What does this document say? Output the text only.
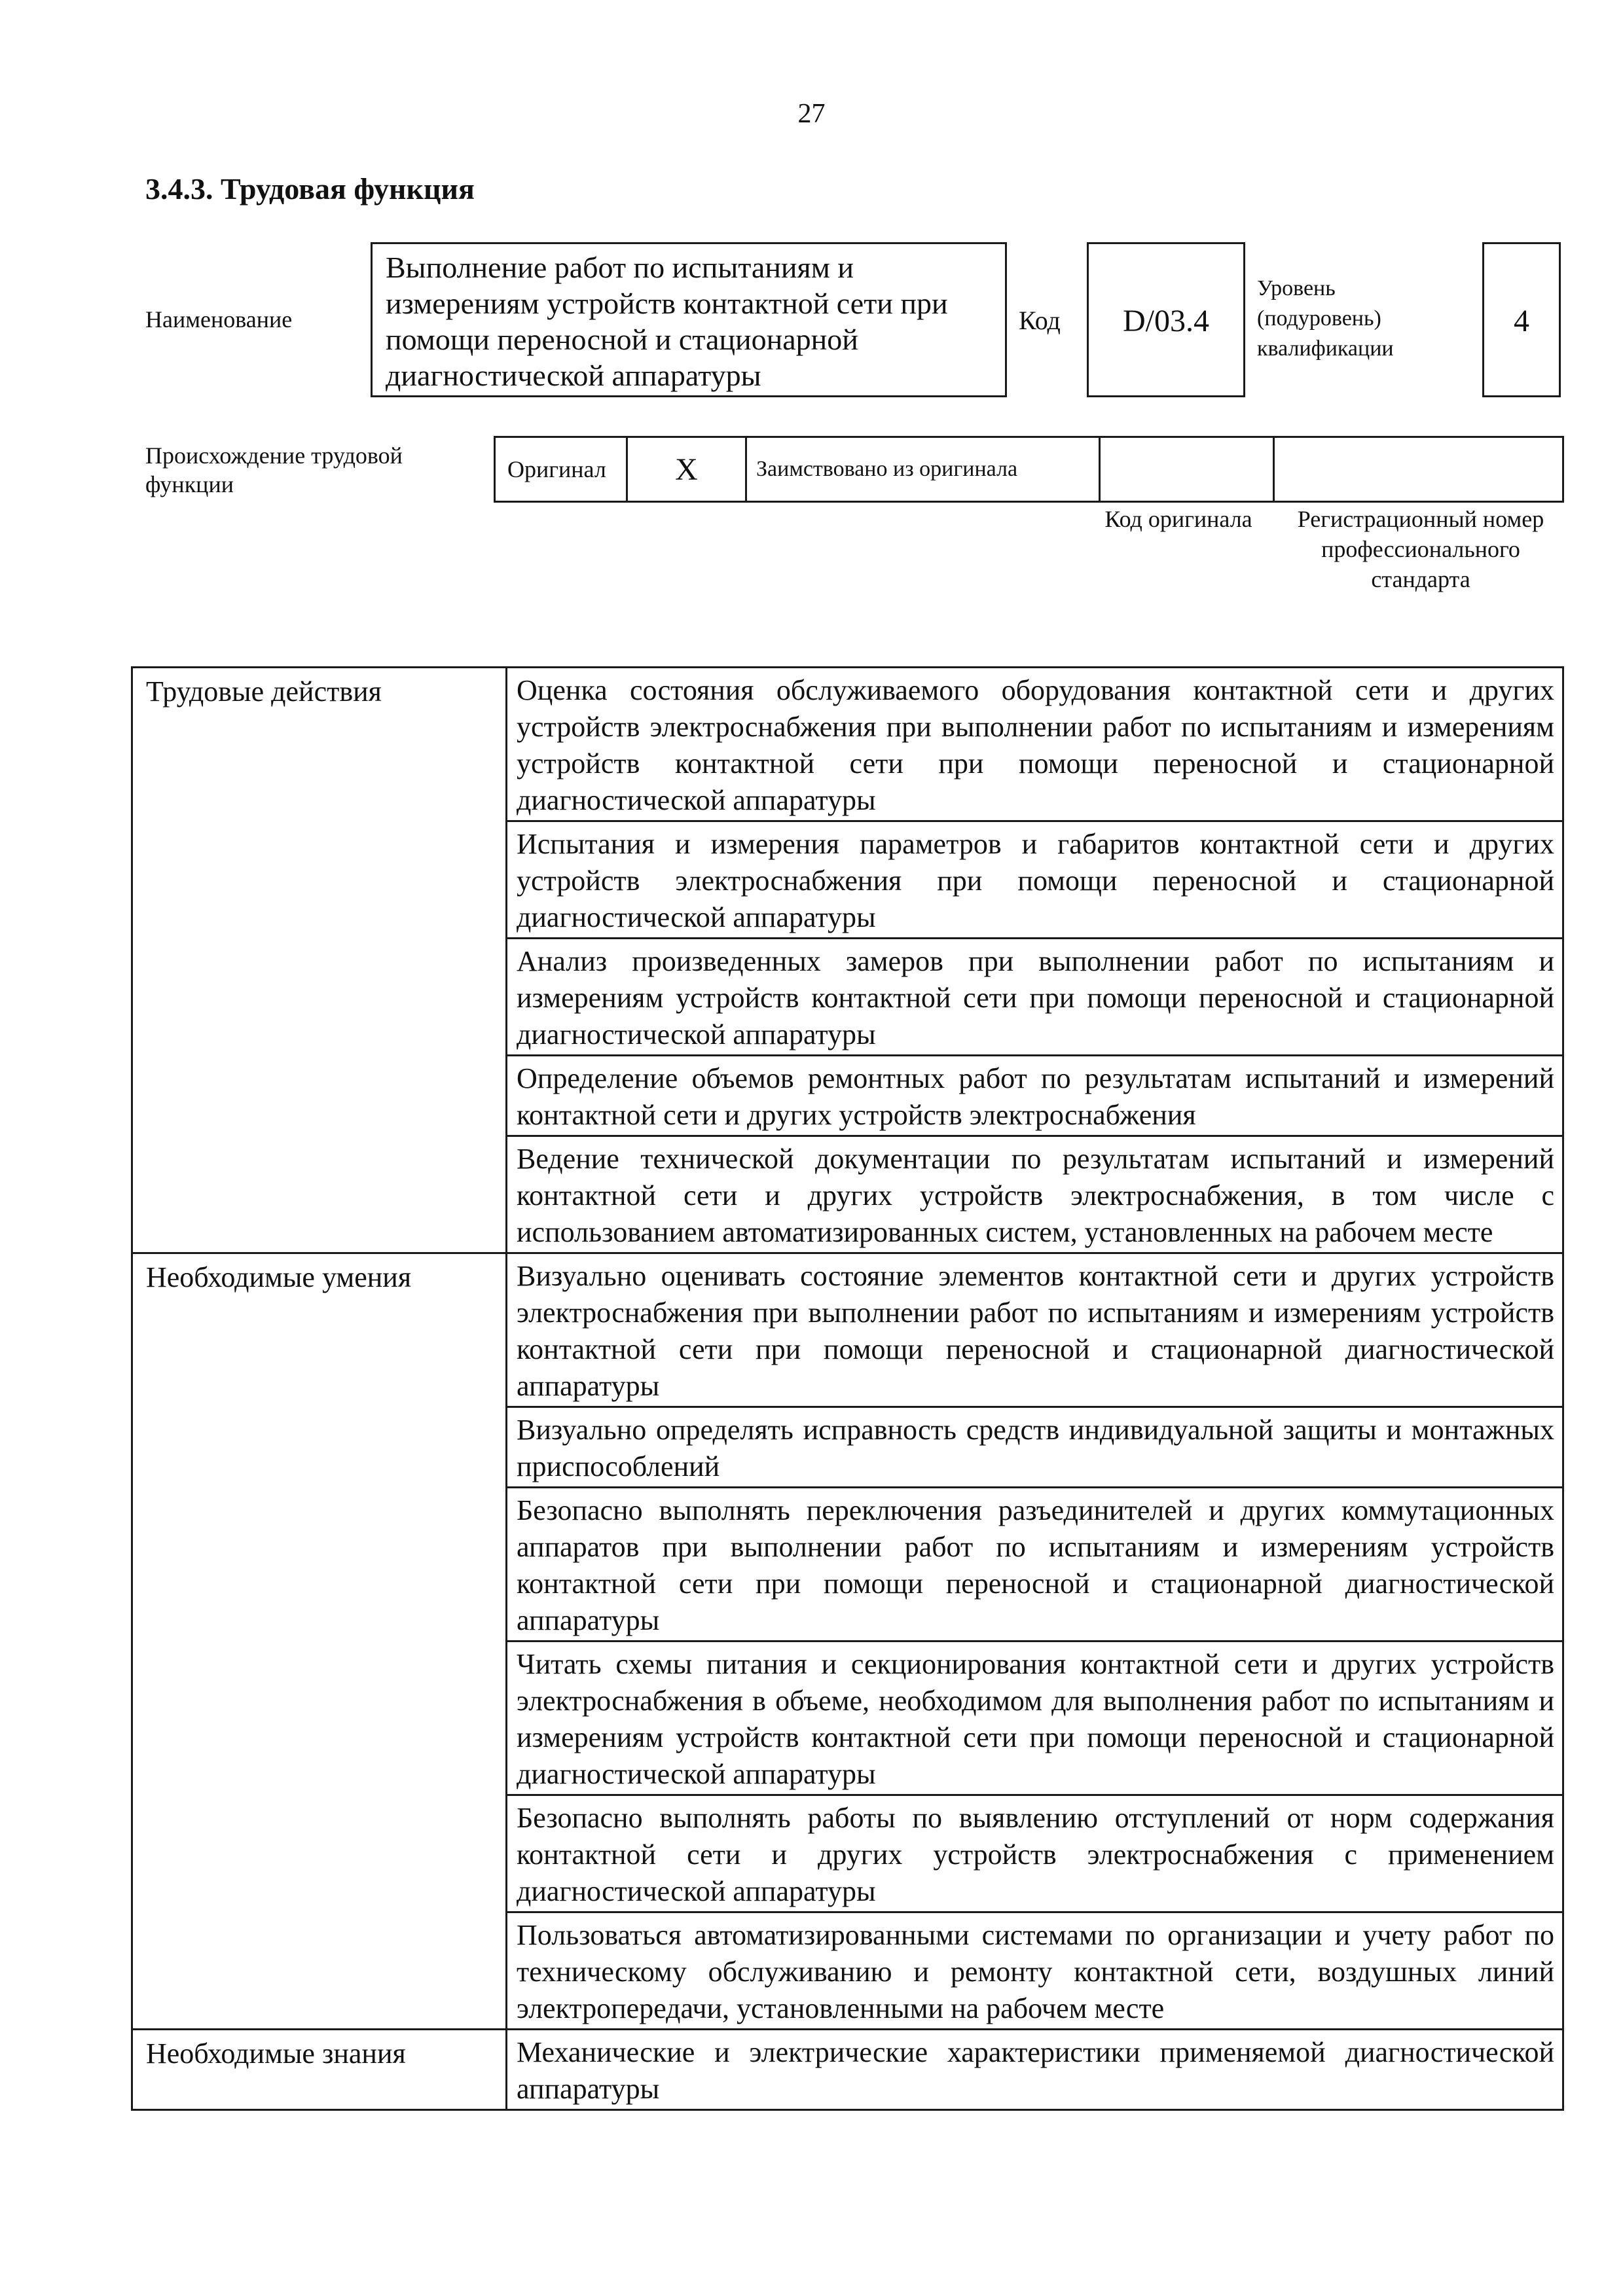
27
3.4.3. Трудовая функция
Наименование
Выполнение работ по испытаниям и измерениям устройств контактной сети при помощи переносной и стационарной диагностической аппаратуры
Код	D/03.4
Уровень (подуровень) квалификации
4
Происхождение трудовой функции
Оригинал	X	Заимствовано из оригинала		
Код оригинала	Регистрационный номер профессионального стандарта
Трудовые действия	Оценка состояния обслуживаемого оборудования контактной сети и других устройств электроснабжения при выполнении работ по испытаниям и измерениям устройств контактной сети при помощи переносной и стационарной диагностической аппаратуры
	Испытания и измерения параметров и габаритов контактной сети и других устройств электроснабжения при помощи переносной и стационарной диагностической аппаратуры
	Анализ произведенных замеров при выполнении работ по испытаниям и измерениям устройств контактной сети при помощи переносной и стационарной диагностической аппаратуры
	Определение объемов ремонтных работ по результатам испытаний и измерений контактной сети и других устройств электроснабжения
	Ведение технической документации по результатам испытаний и измерений контактной сети и других устройств электроснабжения, в том числе с использованием автоматизированных систем, установленных на рабочем месте
Необходимые умения	Визуально оценивать состояние элементов контактной сети и других устройств электроснабжения при выполнении работ по испытаниям и измерениям устройств контактной сети при помощи переносной и стационарной диагностической аппаратуры
	Визуально определять исправность средств индивидуальной защиты и монтажных приспособлений
	Безопасно выполнять переключения разъединителей и других коммутационных аппаратов при выполнении работ по испытаниям и измерениям устройств контактной сети при помощи переносной и стационарной диагностической аппаратуры
	Читать схемы питания и секционирования контактной сети и других устройств электроснабжения в объеме, необходимом для выполнения работ по испытаниям и измерениям устройств контактной сети при помощи переносной и стационарной диагностической аппаратуры
	Безопасно выполнять работы по выявлению отступлений от норм содержания контактной сети и других устройств электроснабжения с применением диагностической аппаратуры
	Пользоваться автоматизированными системами по организации и учету работ по техническому обслуживанию и ремонту контактной сети, воздушных линий электропередачи, установленными на рабочем месте
Необходимые знания	Механические и электрические характеристики применяемой диагностической аппаратуры
